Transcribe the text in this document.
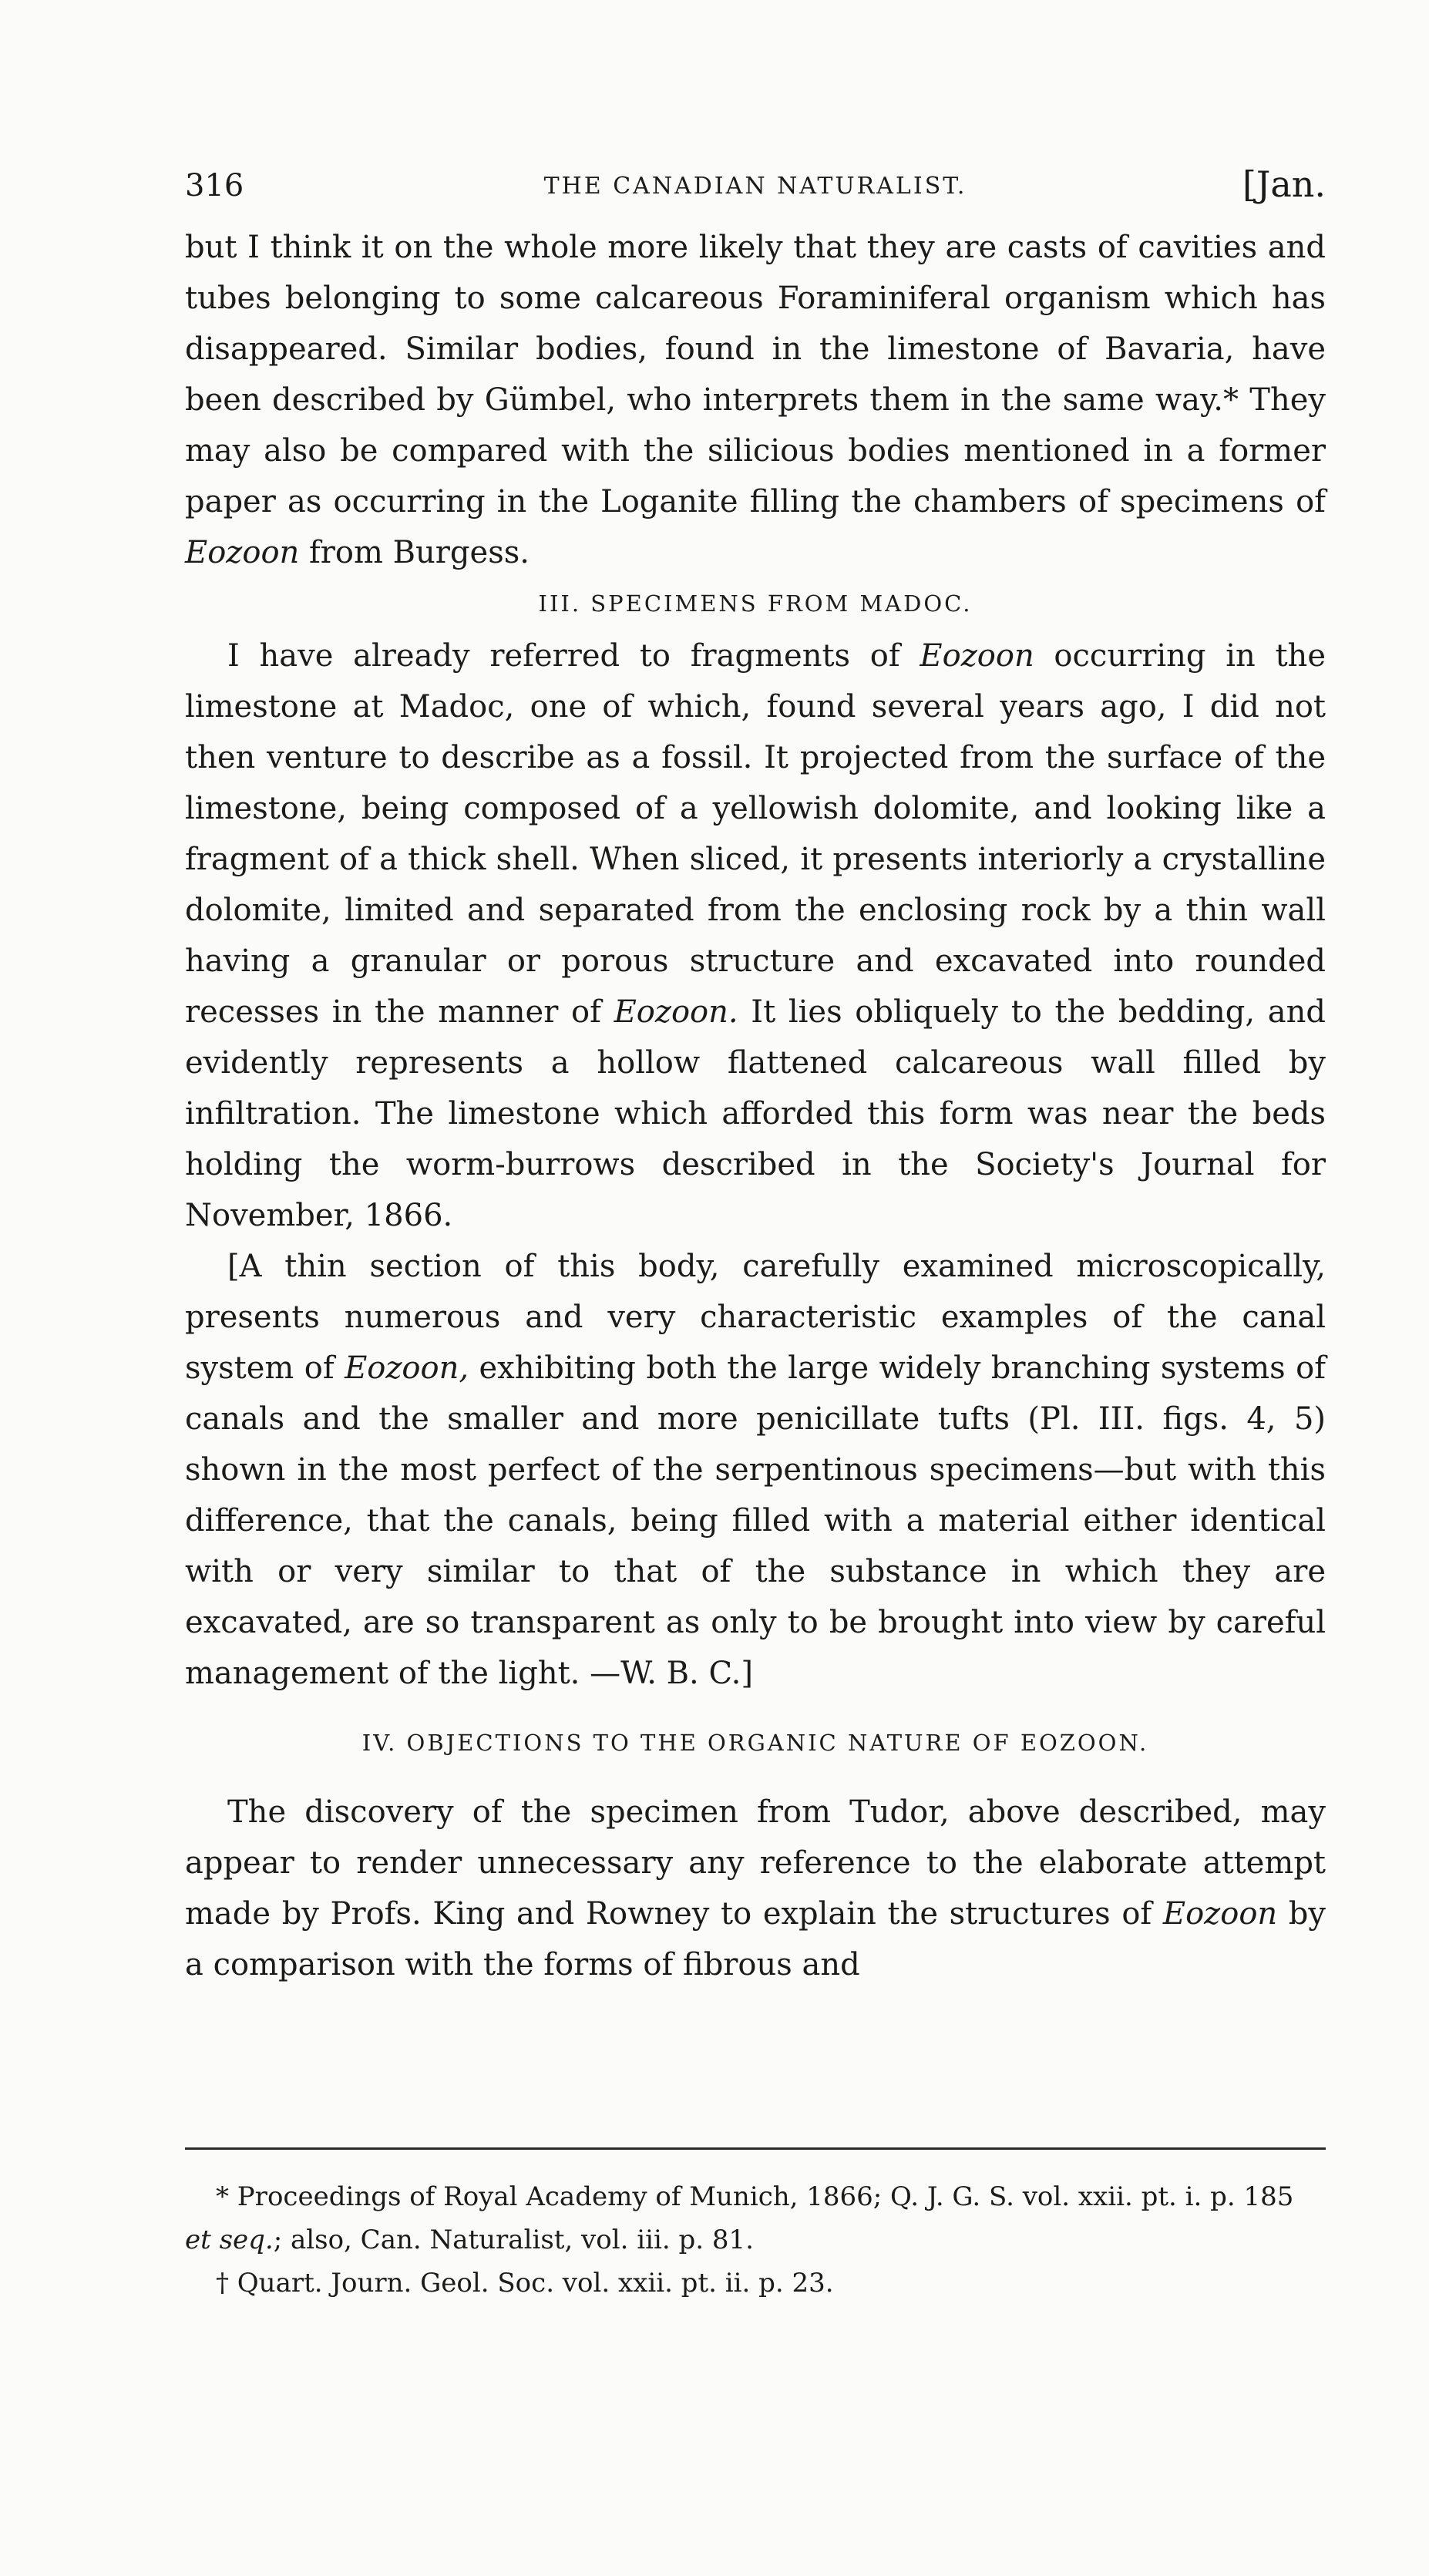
316	THE CANADIAN NATURALIST.	[Jan.

but I think it on the whole more likely that they are casts of cavities and tubes belonging to some calcareous Foraminiferal organism which has disappeared. Similar bodies, found in the limestone of Bavaria, have been described by Gümbel, who interprets them in the same way.* They may also be compared with the silicious bodies mentioned in a former paper as occurring in the Loganite filling the chambers of specimens of Eozoon from Burgess.

III. SPECIMENS FROM MADOC.

I have already referred to fragments of Eozoon occurring in the limestone at Madoc, one of which, found several years ago, I did not then venture to describe as a fossil. It projected from the surface of the limestone, being composed of a yellowish dolomite, and looking like a fragment of a thick shell. When sliced, it presents interiorly a crystalline dolomite, limited and separated from the enclosing rock by a thin wall having a granular or porous structure and excavated into rounded recesses in the manner of Eozoon. It lies obliquely to the bedding, and evidently represents a hollow flattened calcareous wall filled by infiltration. The limestone which afforded this form was near the beds holding the worm-burrows described in the Society's Journal for November, 1866.

[A thin section of this body, carefully examined microscopically, presents numerous and very characteristic examples of the canal system of Eozoon, exhibiting both the large widely branching systems of canals and the smaller and more penicillate tufts (Pl. III. figs. 4, 5) shown in the most perfect of the serpentinous specimens—but with this difference, that the canals, being filled with a material either identical with or very similar to that of the substance in which they are excavated, are so transparent as only to be brought into view by careful management of the light. —W. B. C.]

IV. OBJECTIONS TO THE ORGANIC NATURE OF EOZOON.

The discovery of the specimen from Tudor, above described, may appear to render unnecessary any reference to the elaborate attempt made by Profs. King and Rowney to explain the structures of Eozoon by a comparison with the forms of fibrous and

* Proceedings of Royal Academy of Munich, 1866; Q. J. G. S. vol. xxii. pt. i. p. 185 et seq.; also, Can. Naturalist, vol. iii. p. 81.

† Quart. Journ. Geol. Soc. vol. xxii. pt. ii. p. 23.
